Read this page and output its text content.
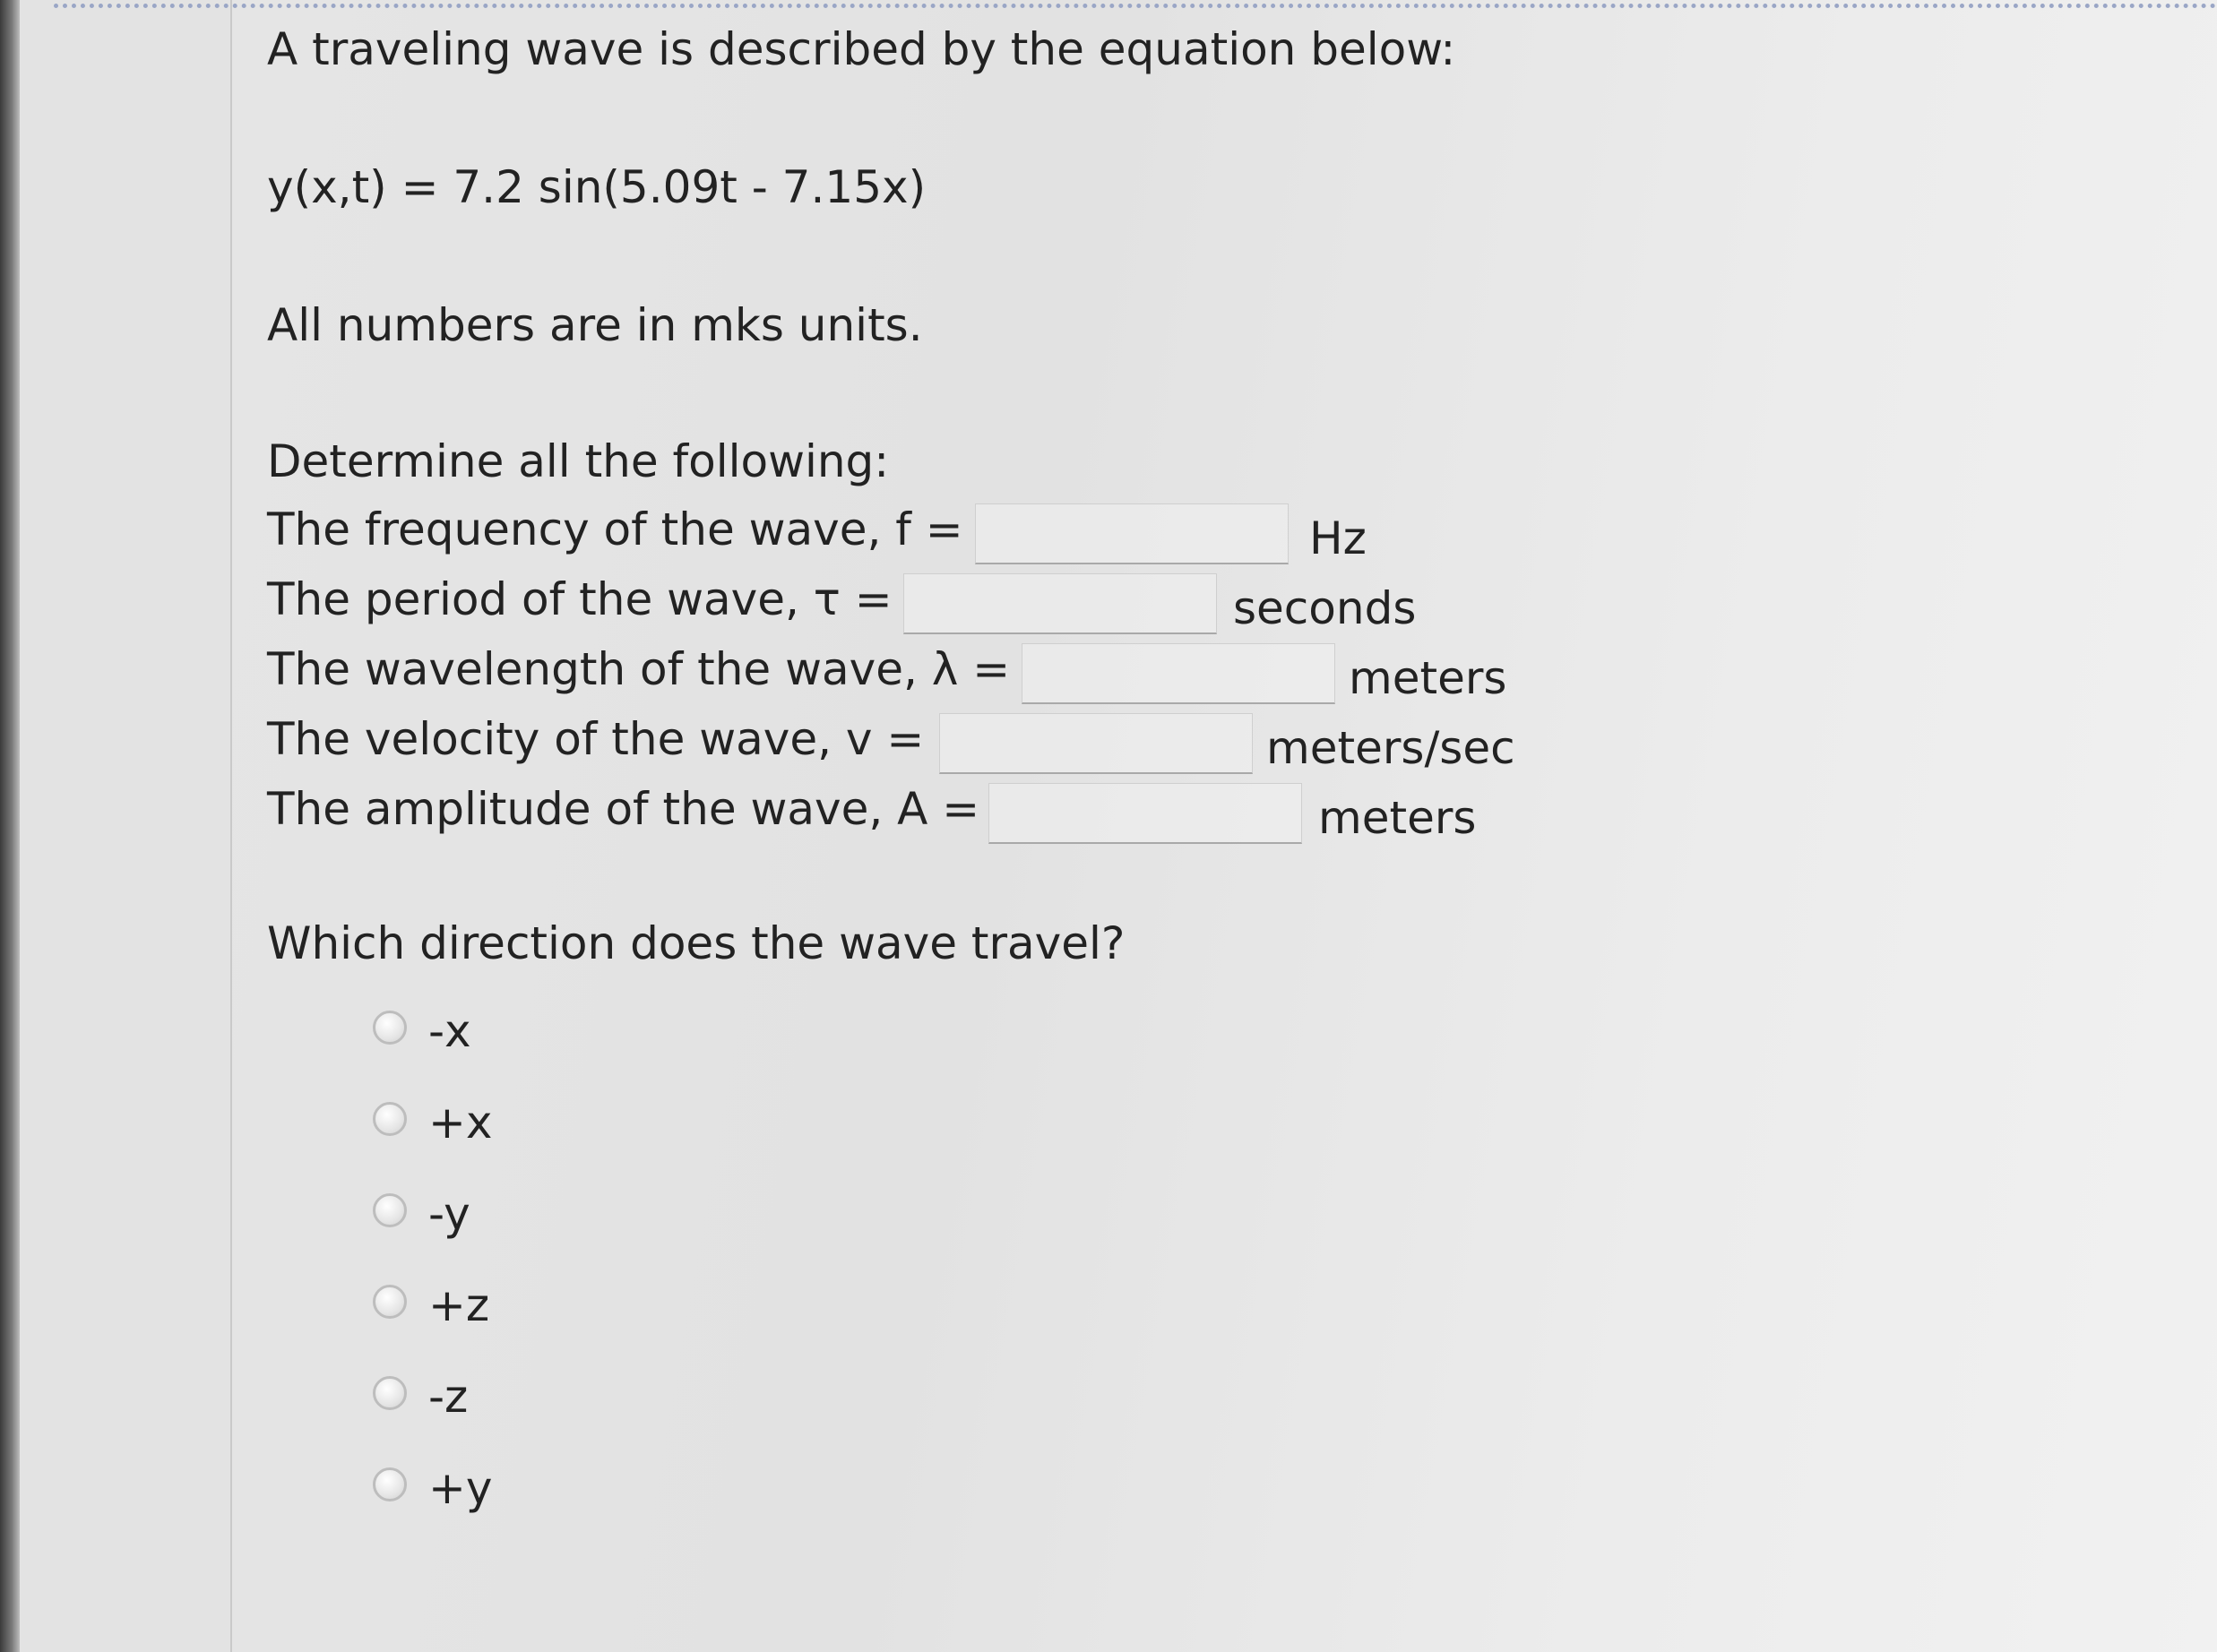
A traveling wave is described by the equation below:
y(x,t) = 7.2 sin(5.09t - 7.15x)
All numbers are in mks units.
Determine all the following:
The frequency of the wave, f =	Hz
The period of the wave, τ =	seconds
The wavelength of the wave, λ =	meters
The velocity of the wave, v =	meters/sec
The amplitude of the wave, A =	meters
Which direction does the wave travel?
-x
+x
-y
+z
-z
+y
